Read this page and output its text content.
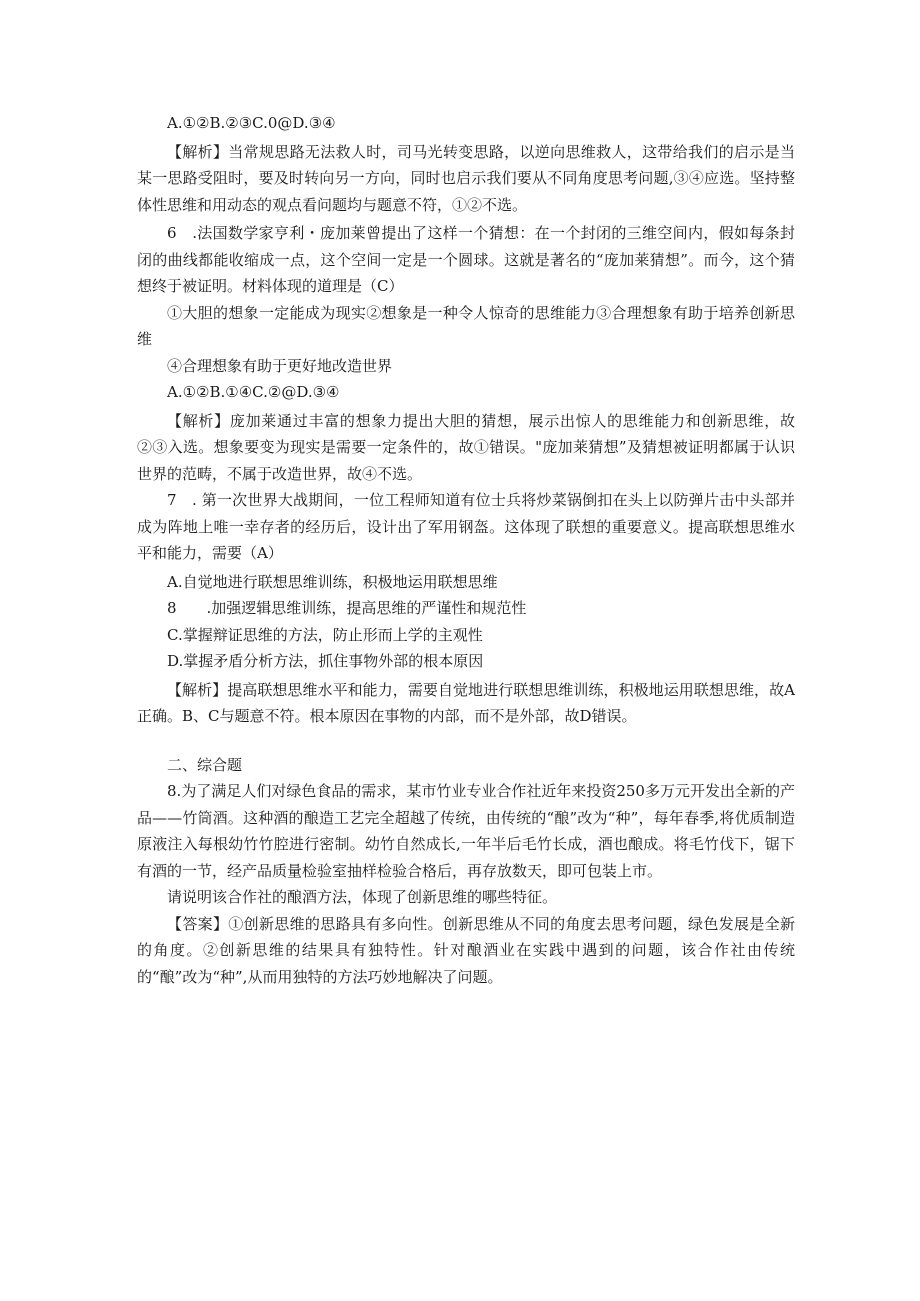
A.①②B.②③C.0@D.③④

【解析】当常规思路无法救人时，司马光转变思路，以逆向思维救人，这带给我们的启示是当某一思路受阻时，要及时转向另一方向，同时也启示我们要从不同角度思考问题,③④应选。坚持整体性思维和用动态的观点看问题均与题意不符，①②不选。

6　.法国数学家亨利・庞加莱曾提出了这样一个猜想：在一个封闭的三维空间内，假如每条封闭的曲线都能收缩成一点，这个空间一定是一个圆球。这就是著名的“庞加莱猜想”。而今，这个猜想终于被证明。材料体现的道理是（C）

①大胆的想象一定能成为现实②想象是一种令人惊奇的思维能力③合理想象有助于培养创新思维

④合理想象有助于更好地改造世界

A.①②B.①④C.②@D.③④

【解析】庞加莱通过丰富的想象力提出大胆的猜想，展示出惊人的思维能力和创新思维，故②③入选。想象要变为现实是需要一定条件的，故①错误。"庞加莱猜想”及猜想被证明都属于认识世界的范畴，不属于改造世界，故④不选。

7　. 第一次世界大战期间，一位工程师知道有位士兵将炒菜锅倒扣在头上以防弹片击中头部并成为阵地上唯一幸存者的经历后，设计出了军用钢盔。这体现了联想的重要意义。提高联想思维水平和能力，需要（A）

A.自觉地进行联想思维训练，积极地运用联想思维

8　　.加强逻辑思维训练，提高思维的严谨性和规范性

C.掌握辩证思维的方法，防止形而上学的主观性

D.掌握矛盾分析方法，抓住事物外部的根本原因

【解析】提高联想思维水平和能力，需要自觉地进行联想思维训练，积极地运用联想思维，故A正确。B、C与题意不符。根本原因在事物的内部，而不是外部，故D错误。

二、综合题

8.为了满足人们对绿色食品的需求，某市竹业专业合作社近年来投资250多万元开发出全新的产品——竹筒酒。这种酒的酿造工艺完全超越了传统，由传统的“酿”改为“种”，每年春季,将优质制造原液注入每根幼竹竹腔进行密制。幼竹自然成长,一年半后毛竹长成，酒也酿成。将毛竹伐下，锯下有酒的一节，经产品质量检验室抽样检验合格后，再存放数天，即可包装上市。

请说明该合作社的酿酒方法，体现了创新思维的哪些特征。

【答案】①创新思维的思路具有多向性。创新思维从不同的角度去思考问题，绿色发展是全新的角度。②创新思维的结果具有独特性。针对酿酒业在实践中遇到的问题，该合作社由传统的“酿”改为“种”,从而用独特的方法巧妙地解决了问题。
